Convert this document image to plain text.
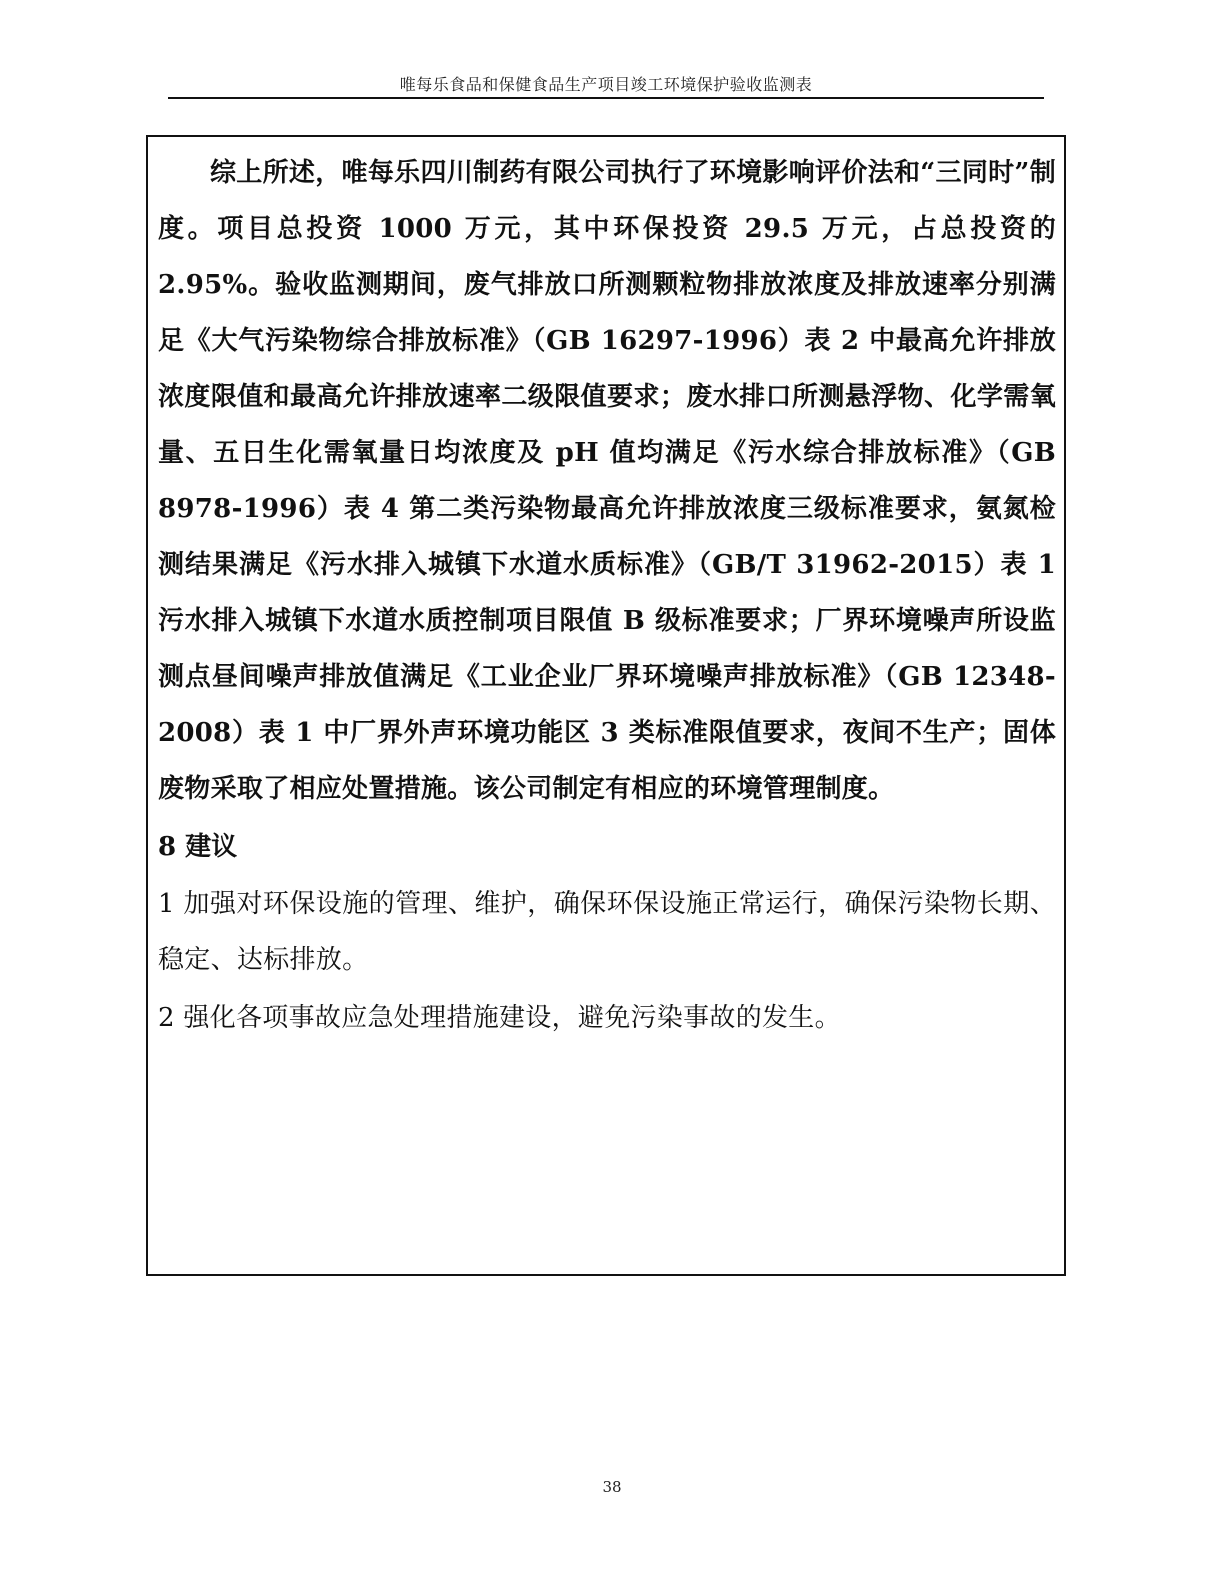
唯每乐食品和保健食品生产项目竣工环境保护验收监测表

综上所述，唯每乐四川制药有限公司执行了环境影响评价法和“三同时”制度。项目总投资 1000 万元，其中环保投资 29.5 万元，占总投资的 2.95%。验收监测期间，废气排放口所测颗粒物排放浓度及排放速率分别满足《大气污染物综合排放标准》（GB 16297-1996）表 2 中最高允许排放浓度限值和最高允许排放速率二级限值要求；废水排口所测悬浮物、化学需氧量、五日生化需氧量日均浓度及 pH 值均满足《污水综合排放标准》（GB 8978-1996）表 4 第二类污染物最高允许排放浓度三级标准要求，氨氮检测结果满足《污水排入城镇下水道水质标准》（GB/T 31962-2015）表 1 污水排入城镇下水道水质控制项目限值 B 级标准要求；厂界环境噪声所设监测点昼间噪声排放值满足《工业企业厂界环境噪声排放标准》（GB 12348-2008）表 1 中厂界外声环境功能区 3 类标准限值要求，夜间不生产；固体废物采取了相应处置措施。该公司制定有相应的环境管理制度。

8 建议

1 加强对环保设施的管理、维护，确保环保设施正常运行，确保污染物长期、稳定、达标排放。

2 强化各项事故应急处理措施建设，避免污染事故的发生。

38
